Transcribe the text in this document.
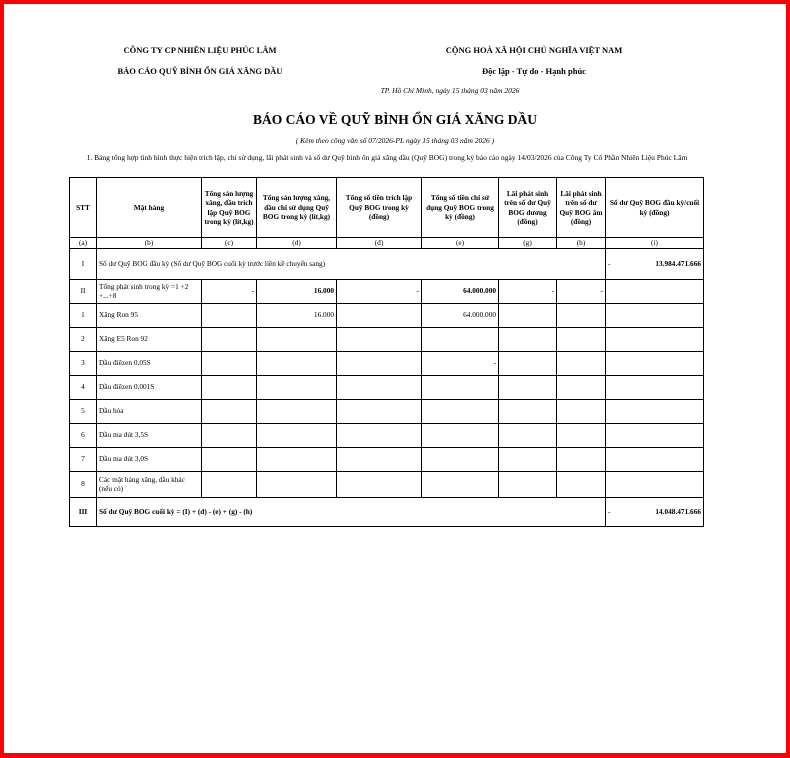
CÔNG TY CP NHIÊN LIỆU PHÚC LÂM
BÁO CÁO QUỸ BÌNH ỔN GIÁ XĂNG DẦU
CỘNG HOÀ XÃ HỘI CHỦ NGHĨA VIỆT NAM
Độc lập - Tự do - Hạnh phúc
TP. Hồ Chí Minh, ngày 15 tháng 03 năm 2026
BÁO CÁO VỀ QUỸ BÌNH ỔN GIÁ XĂNG DẦU
( Kèm theo công văn số 07/2026-PL ngày 15 tháng 03 năm 2026 )
1. Bảng tổng hợp tình hình thực hiện trích lập, chi sử dụng, lãi phát sinh và số dư Quỹ bình ổn giá xăng dầu (Quỹ BOG) trong kỳ báo cáo ngày 14/03/2026 của Công Ty Cổ Phần Nhiên Liệu Phúc Lâm
STT	Mặt hàng	Tổng sản lượng xăng, dầu trích lập Quỹ BOG trong kỳ (lít,kg)	Tổng sản lượng xăng, dầu chi sử dụng Quỹ BOG trong kỳ (lít,kg)	Tổng số tiền trích lập Quỹ BOG trong kỳ (đồng)	Tổng số tiền chi sử dụng Quỹ BOG trong kỳ (đồng)	Lãi phát sinh trên số dư Quỹ BOG dương (đồng)	Lãi phát sinh trên số dư Quỹ BOG âm (đồng)	Số dư Quỹ BOG đầu kỳ/cuối kỳ (đồng)
(a)	(b)	(c)	(d)	(đ)	(e)	(g)	(h)	(i)
I	Số dư Quỹ BOG đầu kỳ (Số dư Quỹ BOG cuối kỳ trước liền kề chuyển sang)							- 13.984.471.666

II	Tổng phát sinh trong kỳ =1 +2 +...+8	-	16.000	-	64.000.000	-	-	
1	Xăng Ron 95		16.000		64.000.000			
2	Xăng E5 Ron 92							
3	Dầu điêzen 0,05S				-			
4	Dầu điêzen 0,001S							
5	Dầu hỏa							
6	Dầu ma dút 3,5S							
7	Dầu ma dút 3,0S							
8	Các mặt hàng xăng, dầu khác (nếu có)							
III	Số dư Quỹ BOG cuối kỳ = (I) + (d) - (e) + (g) - (h)							- 14.048.471.666
